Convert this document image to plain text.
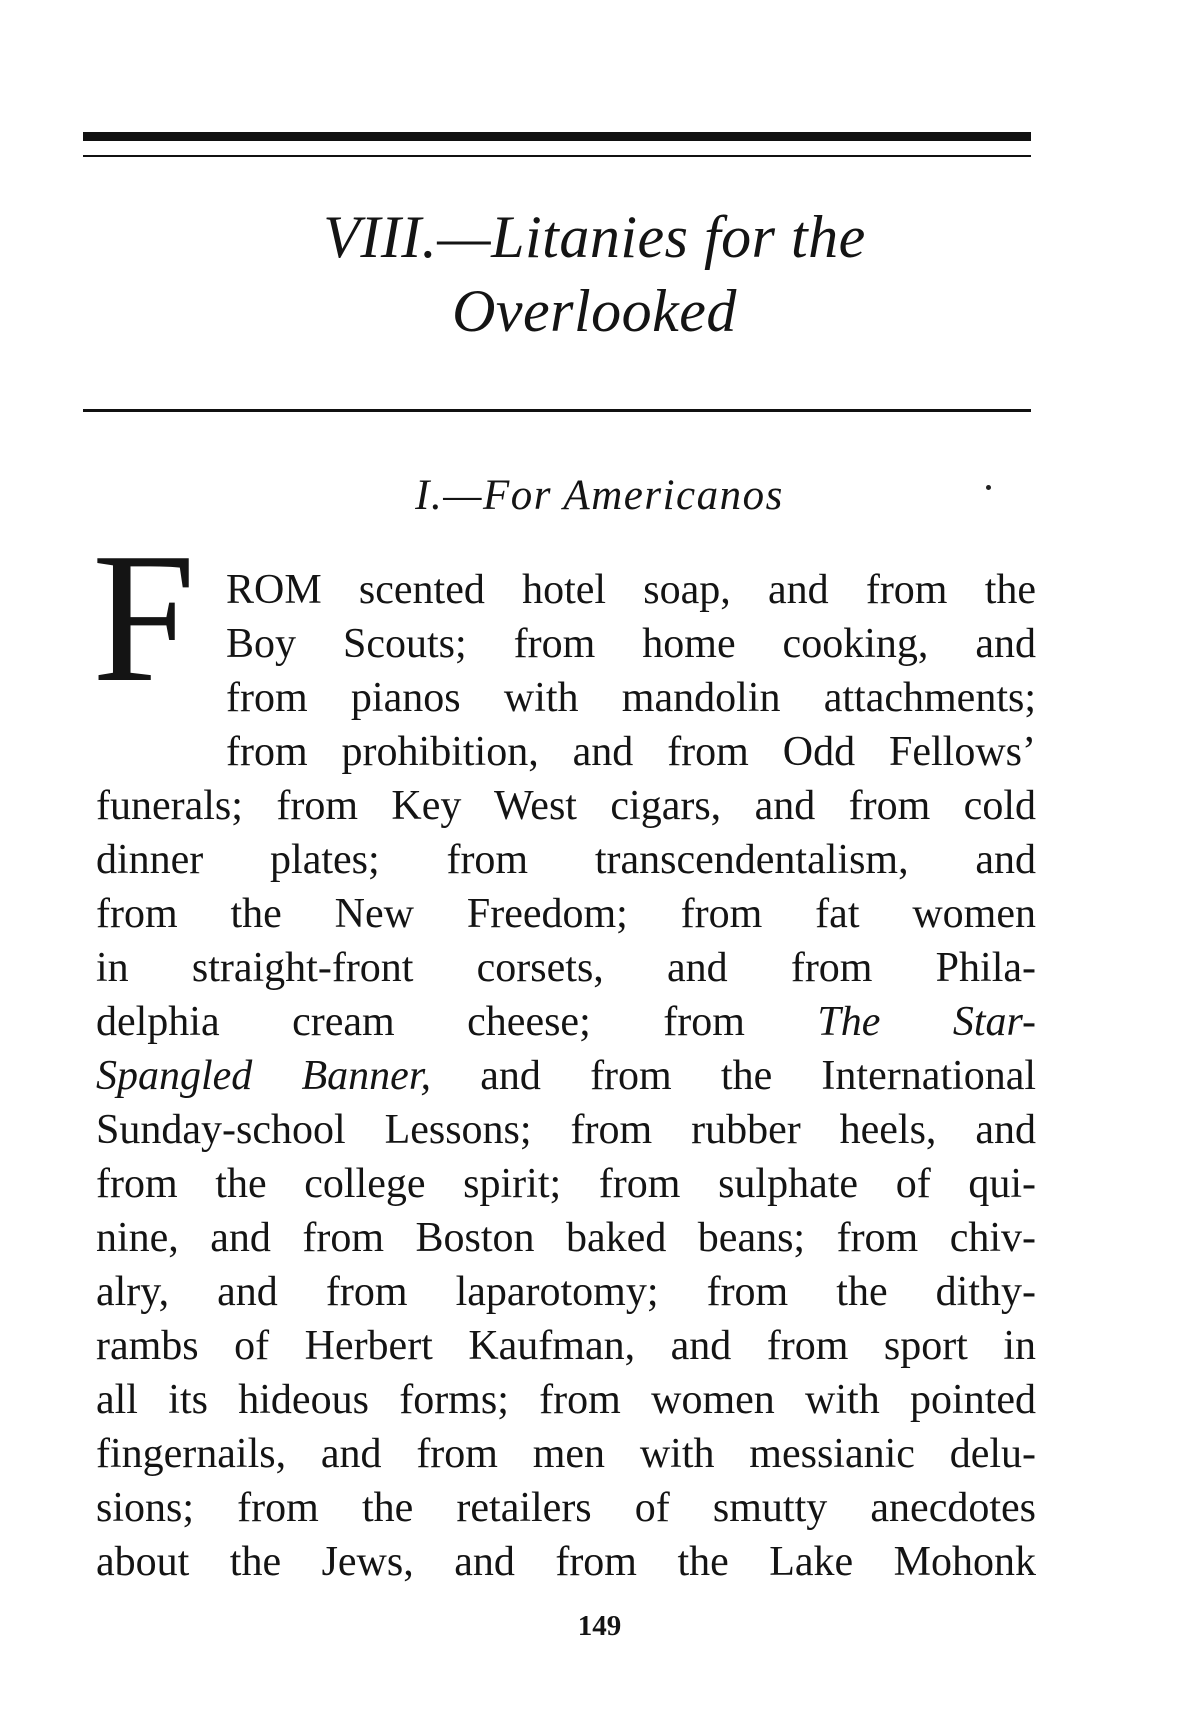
VIII.—Litanies for the
Overlooked
I.—For Americanos
F ROM scented hotel soap, and from the
Boy Scouts; from home cooking, and
from pianos with mandolin attachments;
from prohibition, and from Odd Fellows’
funerals; from Key West cigars, and from cold
dinner plates; from transcendentalism, and
from the New Freedom; from fat women
in straight-front corsets, and from Phila-
delphia cream cheese; from The Star-
Spangled Banner, and from the International
Sunday-school Lessons; from rubber heels, and
from the college spirit; from sulphate of qui-
nine, and from Boston baked beans; from chiv-
alry, and from laparotomy; from the dithy-
rambs of Herbert Kaufman, and from sport in
all its hideous forms; from women with pointed
fingernails, and from men with messianic delu-
sions; from the retailers of smutty anecdotes
about the Jews, and from the Lake Mohonk
149
